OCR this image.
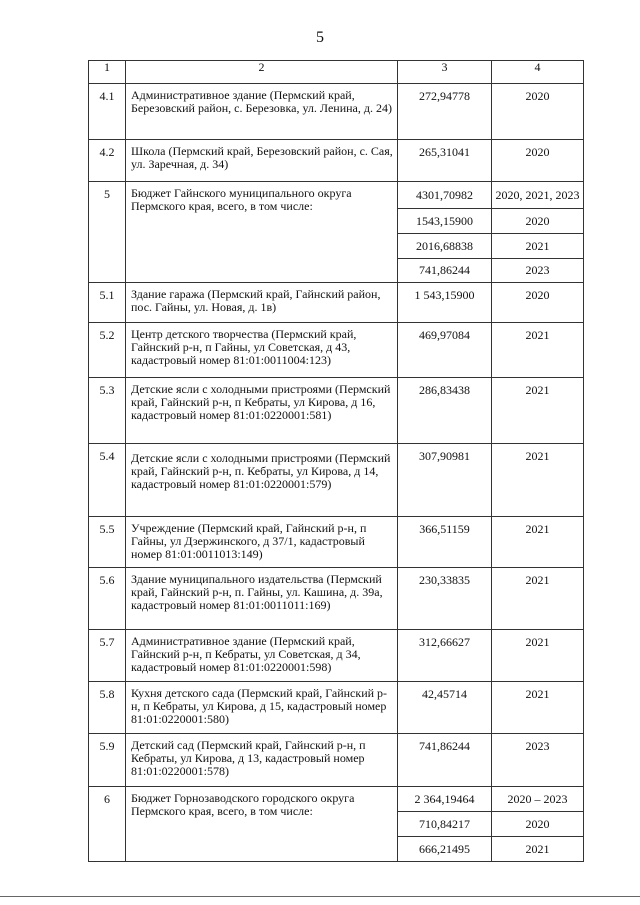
5
1	2	3	4

4.1	Административное здание (Пермский край, Березовский район, с. Березовка, ул. Ленина, д. 24)	272,94778	2020

4.2	Школа (Пермский край, Березовский район, с. Сая, ул. Заречная, д. 34)	265,31041	2020

5	Бюджет Гайнского муниципального округа Пермского края, всего, в том числе:	4301,70982	2020, 2021, 2023
		1543,15900	2020
		2016,68838	2021
		741,86244	2023

5.1	Здание гаража (Пермский край, Гайнский район, пос. Гайны, ул. Новая, д. 1в)	1 543,15900	2020

5.2	Центр детского творчества (Пермский край, Гайнский р-н, п Гайны, ул Советская, д 43, кадастровый номер 81:01:0011004:123)	469,97084	2021

5.3	Детские ясли с холодными пристроями (Пермский край, Гайнский р-н, п Кебраты, ул Кирова, д 16, кадастровый номер 81:01:0220001:581)	286,83438	2021

5.4	Детские ясли с холодными пристроями (Пермский край, Гайнский р-н, п. Кебраты, ул Кирова, д 14, кадастровый номер 81:01:0220001:579)	307,90981	2021

5.5	Учреждение (Пермский край, Гайнский р-н, п Гайны, ул Дзержинского, д 37/1, кадастровый номер 81:01:0011013:149)	366,51159	2021

5.6	Здание муниципального издательства (Пермский край, Гайнский р-н, п. Гайны, ул. Кашина, д. 39а, кадастровый номер 81:01:0011011:169)	230,33835	2021

5.7	Административное здание (Пермский край, Гайнский р-н, п Кебраты, ул Советская, д 34, кадастровый номер 81:01:0220001:598)	312,66627	2021

5.8	Кухня детского сада (Пермский край, Гайнский р-н, п Кебраты, ул Кирова, д 15, кадастровый номер 81:01:0220001:580)	42,45714	2021

5.9	Детский сад (Пермский край, Гайнский р-н, п Кебраты, ул Кирова, д 13, кадастровый номер 81:01:0220001:578)	741,86244	2023

6	Бюджет Горнозаводского городского округа Пермского края, всего, в том числе:	2 364,19464	2020 – 2023
		710,84217	2020
		666,21495	2021
